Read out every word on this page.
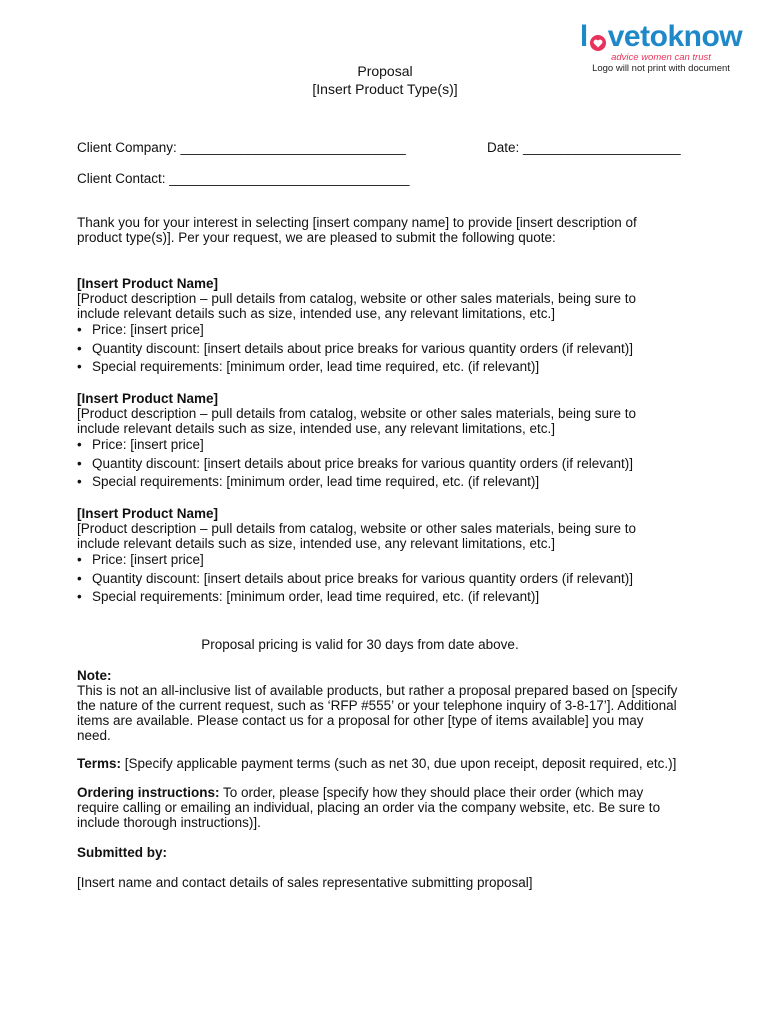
l ve to know
advice women can trust
Logo will not print with document
Proposal
[Insert Product Type(s)]
Client Company: ______________________________	Date: _____________________
Client Contact: ________________________________
Thank you for your interest in selecting [insert company name] to provide [insert description of
product type(s)]. Per your request, we are pleased to submit the following quote:
[Insert Product Name]
[Product description – pull details from catalog, website or other sales materials, being sure to
include relevant details such as size, intended use, any relevant limitations, etc.]
• Price: [insert price]
• Quantity discount: [insert details about price breaks for various quantity orders (if relevant)]
• Special requirements: [minimum order, lead time required, etc. (if relevant)]
[Insert Product Name]
[Product description – pull details from catalog, website or other sales materials, being sure to
include relevant details such as size, intended use, any relevant limitations, etc.]
• Price: [insert price]
• Quantity discount: [insert details about price breaks for various quantity orders (if relevant)]
• Special requirements: [minimum order, lead time required, etc. (if relevant)]
[Insert Product Name]
[Product description – pull details from catalog, website or other sales materials, being sure to
include relevant details such as size, intended use, any relevant limitations, etc.]
• Price: [insert price]
• Quantity discount: [insert details about price breaks for various quantity orders (if relevant)]
• Special requirements: [minimum order, lead time required, etc. (if relevant)]
Proposal pricing is valid for 30 days from date above.
Note:
This is not an all-inclusive list of available products, but rather a proposal prepared based on [specify
the nature of the current request, such as ‘RFP #555’ or your telephone inquiry of 3-8-17’]. Additional
items are available. Please contact us for a proposal for other [type of items available] you may
need.
Terms: [Specify applicable payment terms (such as net 30, due upon receipt, deposit required, etc.)]
Ordering instructions: To order, please [specify how they should place their order (which may
require calling or emailing an individual, placing an order via the company website, etc. Be sure to
include thorough instructions)].
Submitted by:
[Insert name and contact details of sales representative submitting proposal]
